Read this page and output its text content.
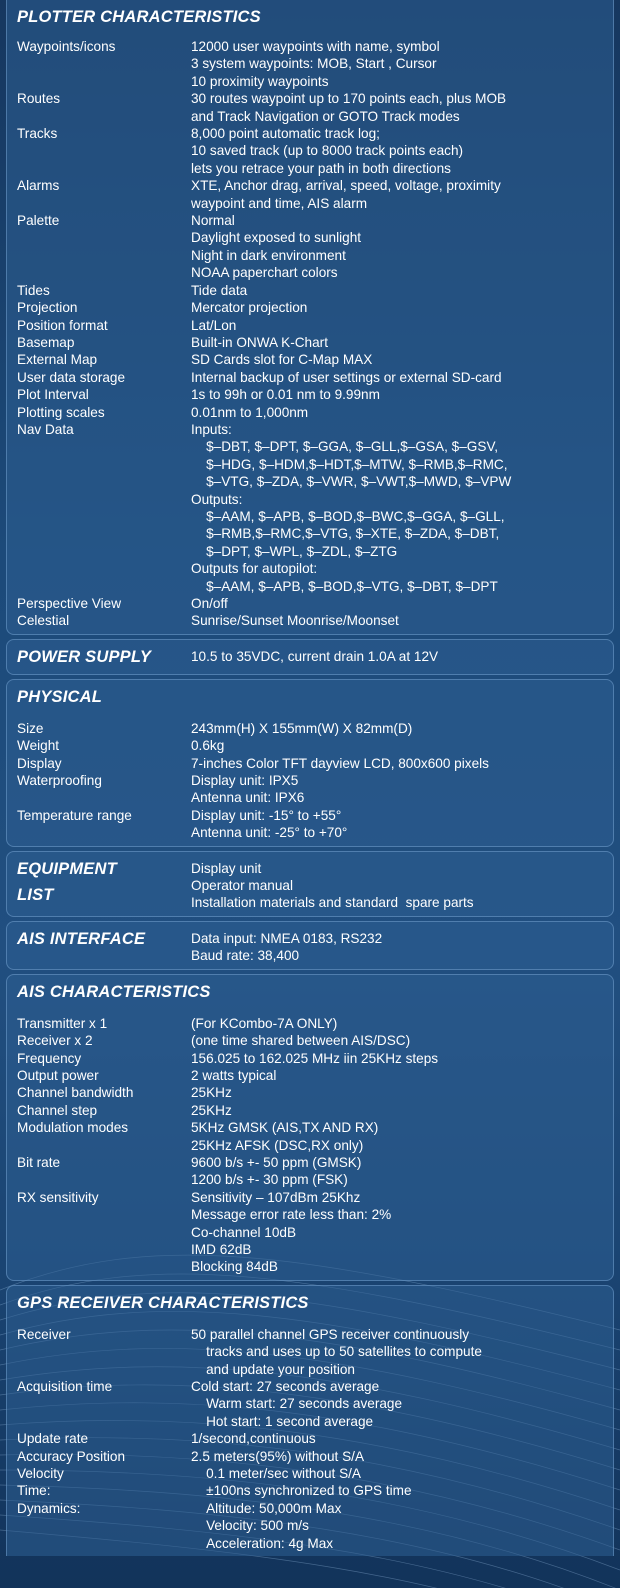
PLOTTER CHARACTERISTICS
Waypoints/icons	12000 user waypoints with name, symbol
3 system waypoints: MOB, Start , Cursor
10 proximity waypoints
Routes	30 routes waypoint up to 170 points each, plus MOB
and Track Navigation or GOTO Track modes
Tracks	8,000 point automatic track log;
10 saved track (up to 8000 track points each)
lets you retrace your path in both directions
Alarms	XTE, Anchor drag, arrival, speed, voltage, proximity
waypoint and time, AIS alarm
Palette	Normal
Daylight exposed to sunlight
Night in dark environment
NOAA paperchart colors
Tides	Tide data
Projection	Mercator projection
Position format	Lat/Lon
Basemap	Built-in ONWA K-Chart
External Map	SD Cards slot for C-Map MAX
User data storage	Internal backup of user settings or external SD-card
Plot Interval	1s to 99h or 0.01 nm to 9.99nm
Plotting scales	0.01nm to 1,000nm
Nav Data	Inputs:
$–DBT, $–DPT, $–GGA, $–GLL,$–GSA, $–GSV,
$–HDG, $–HDM,$–HDT,$–MTW, $–RMB,$–RMC,
$–VTG, $–ZDA, $–VWR, $–VWT,$–MWD, $–VPW
Outputs:
$–AAM, $–APB, $–BOD,$–BWC,$–GGA, $–GLL,
$–RMB,$–RMC,$–VTG, $–XTE, $–ZDA, $–DBT,
$–DPT, $–WPL, $–ZDL, $–ZTG
Outputs for autopilot:
$–AAM, $–APB, $–BOD,$–VTG, $–DBT, $–DPT
Perspective View	On/off
Celestial	Sunrise/Sunset Moonrise/Moonset
POWER SUPPLY	10.5 to 35VDC, current drain 1.0A at 12V
PHYSICAL
Size	243mm(H) X 155mm(W) X 82mm(D)
Weight	0.6kg
Display	7-inches Color TFT dayview LCD, 800x600 pixels
Waterproofing	Display unit: IPX5
Antenna unit: IPX6
Temperature range	Display unit: -15° to +55°
Antenna unit: -25° to +70°
EQUIPMENT LIST
Display unit
Operator manual
Installation materials and standard  spare parts
AIS INTERFACE	Data input: NMEA 0183, RS232
Baud rate: 38,400
AIS CHARACTERISTICS
Transmitter x 1	(For KCombo-7A ONLY)
Receiver x 2	(one time shared between AIS/DSC)
Frequency	156.025 to 162.025 MHz iin 25KHz steps
Output power	2 watts typical
Channel bandwidth	25KHz
Channel step	25KHz
Modulation modes	5KHz GMSK (AIS,TX AND RX)
25KHz AFSK (DSC,RX only)
Bit rate	9600 b/s +- 50 ppm (GMSK)
1200 b/s +- 30 ppm (FSK)
RX sensitivity	Sensitivity – 107dBm 25Khz
Message error rate less than: 2%
Co-channel 10dB
IMD 62dB
Blocking 84dB
GPS RECEIVER CHARACTERISTICS
Receiver	50 parallel channel GPS receiver continuously
tracks and uses up to 50 satellites to compute
and update your position
Acquisition time	Cold start: 27 seconds average
Warm start: 27 seconds average
Hot start: 1 second average
Update rate	1/second,continuous
Accuracy Position	2.5 meters(95%) without S/A
Velocity	0.1 meter/sec without S/A
Time:	±100ns synchronized to GPS time
Dynamics:	Altitude: 50,000m Max
Velocity: 500 m/s
Acceleration: 4g Max
